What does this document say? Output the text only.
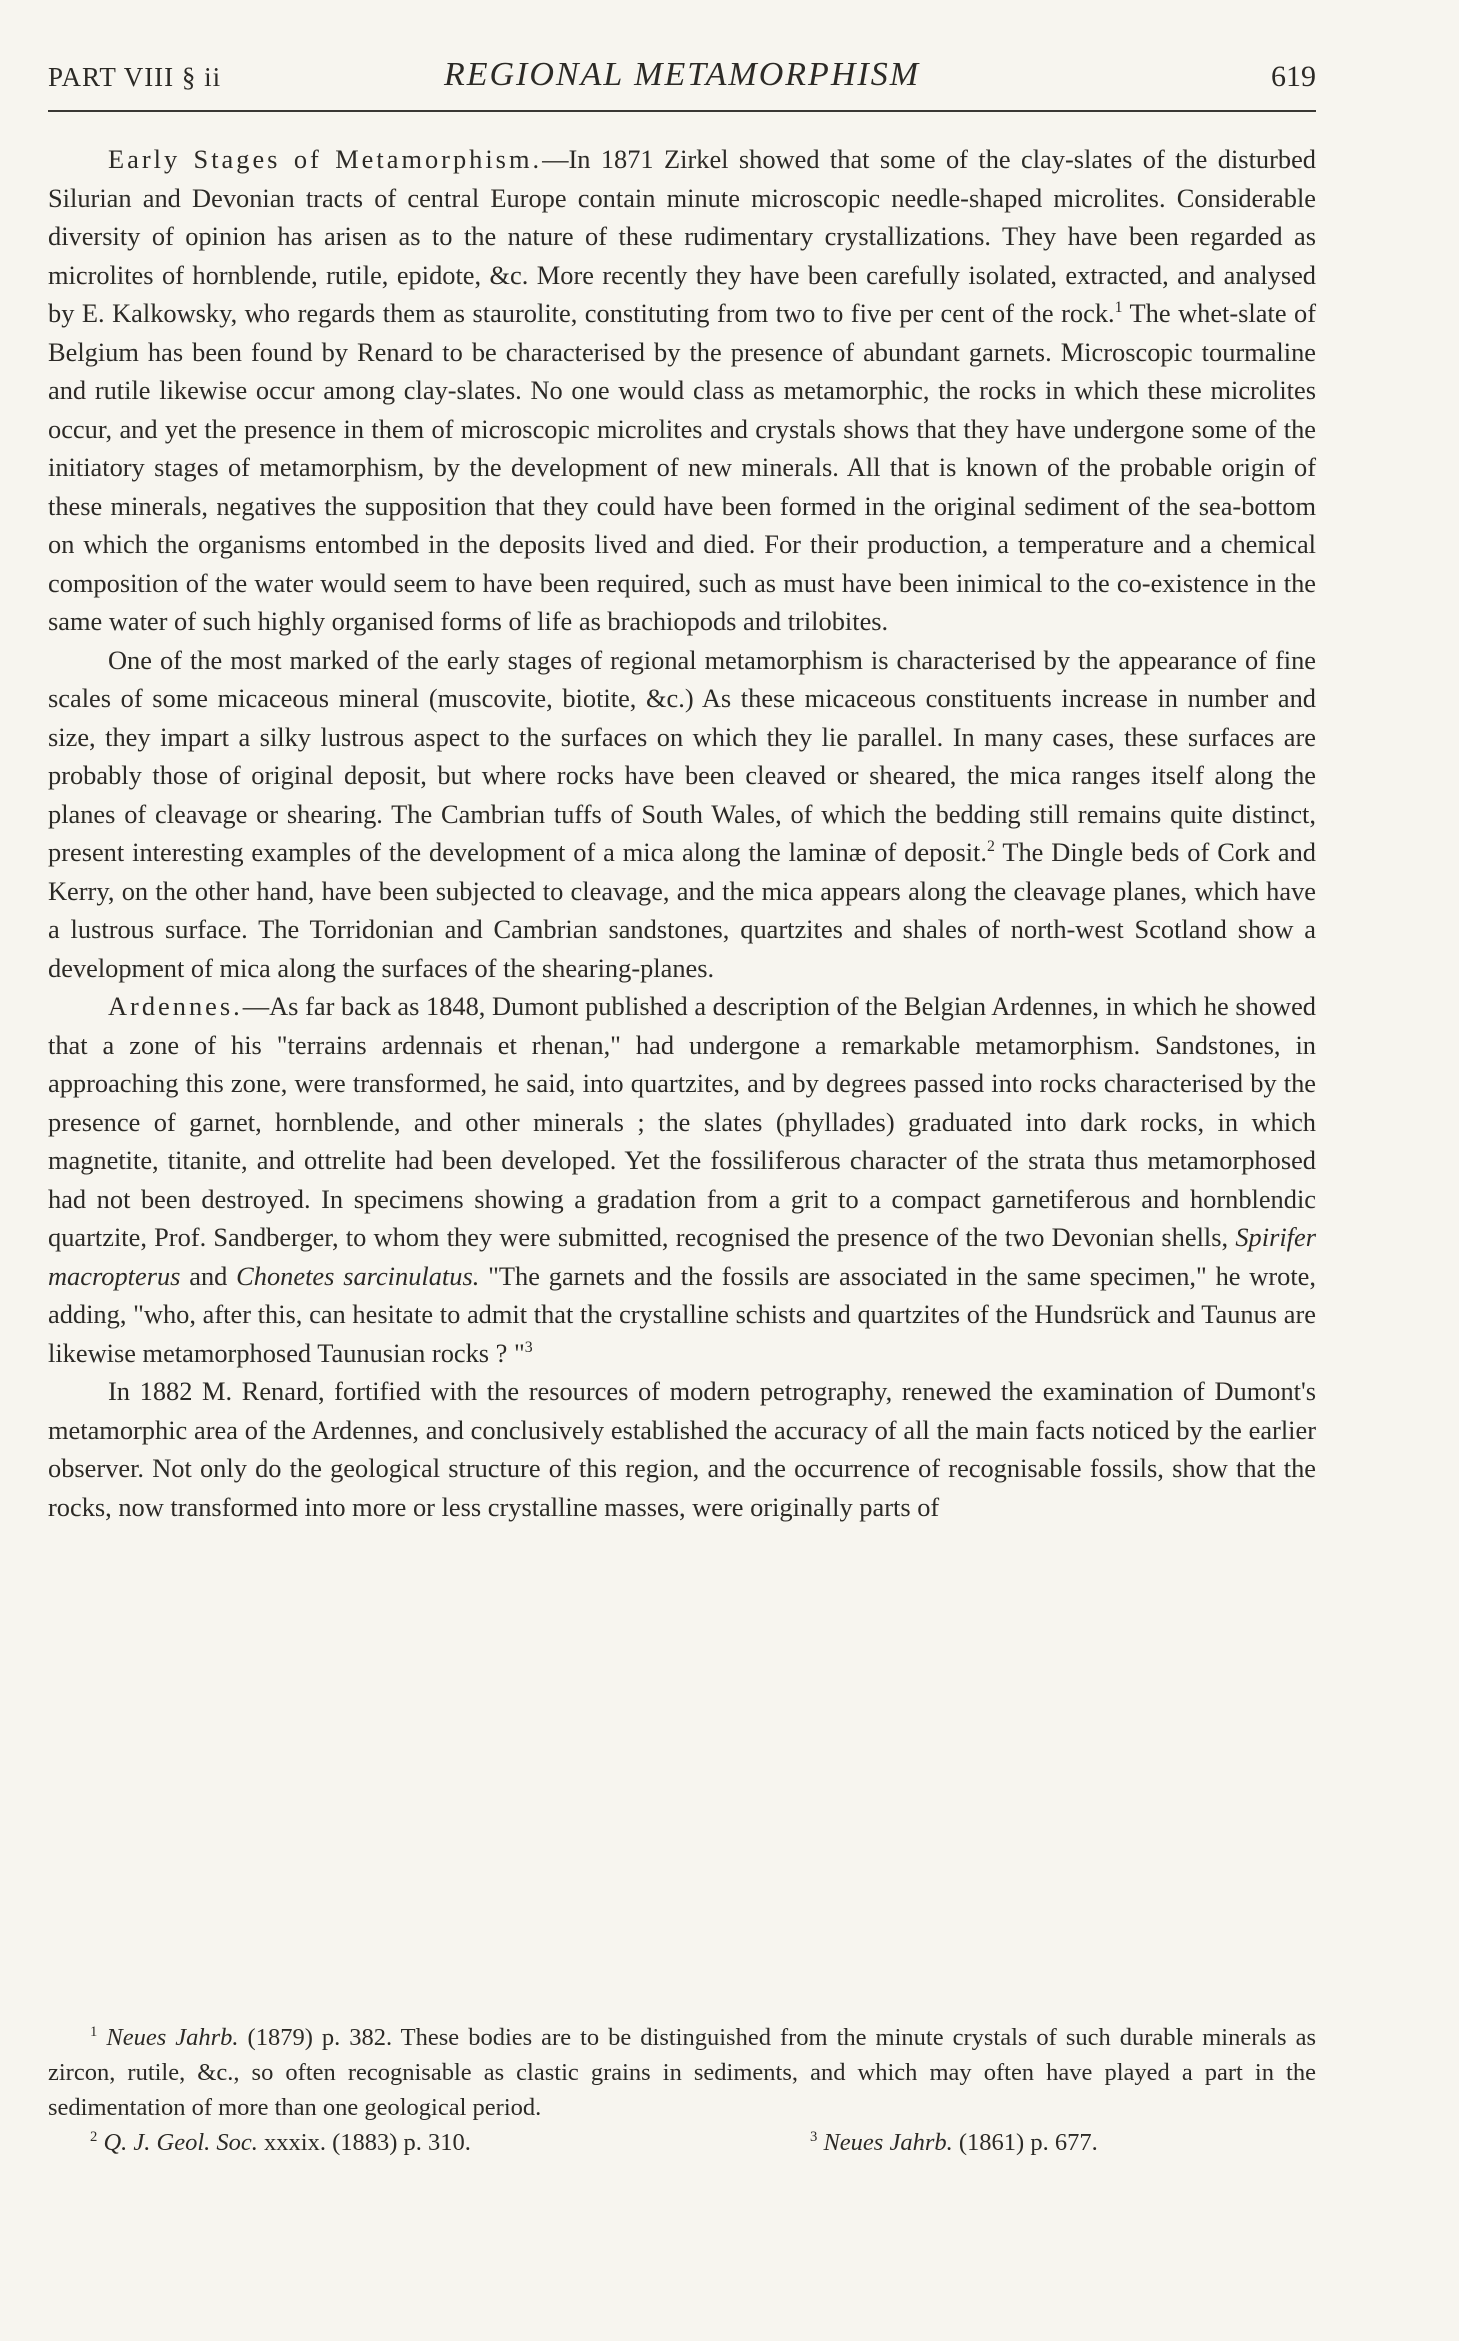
PART VIII § ii	REGIONAL METAMORPHISM	619

Early Stages of Metamorphism.—In 1871 Zirkel showed that some of the clay-slates of the disturbed Silurian and Devonian tracts of central Europe contain minute microscopic needle-shaped microlites. Considerable diversity of opinion has arisen as to the nature of these rudimentary crystallizations. They have been regarded as microlites of hornblende, rutile, epidote, &c. More recently they have been carefully isolated, extracted, and analysed by E. Kalkowsky, who regards them as staurolite, constituting from two to five per cent of the rock.$^1$ The whet-slate of Belgium has been found by Renard to be characterised by the presence of abundant garnets. Microscopic tourmaline and rutile likewise occur among clay-slates. No one would class as metamorphic, the rocks in which these microlites occur, and yet the presence in them of microscopic microlites and crystals shows that they have undergone some of the initiatory stages of metamorphism, by the development of new minerals. All that is known of the probable origin of these minerals, negatives the supposition that they could have been formed in the original sediment of the sea-bottom on which the organisms entombed in the deposits lived and died. For their production, a temperature and a chemical composition of the water would seem to have been required, such as must have been inimical to the co-existence in the same water of such highly organised forms of life as brachiopods and trilobites.

One of the most marked of the early stages of regional metamorphism is characterised by the appearance of fine scales of some micaceous mineral (muscovite, biotite, &c.) As these micaceous constituents increase in number and size, they impart a silky lustrous aspect to the surfaces on which they lie parallel. In many cases, these surfaces are probably those of original deposit, but where rocks have been cleaved or sheared, the mica ranges itself along the planes of cleavage or shearing. The Cambrian tuffs of South Wales, of which the bedding still remains quite distinct, present interesting examples of the development of a mica along the laminæ of deposit.$^2$ The Dingle beds of Cork and Kerry, on the other hand, have been subjected to cleavage, and the mica appears along the cleavage planes, which have a lustrous surface. The Torridonian and Cambrian sandstones, quartzites and shales of north-west Scotland show a development of mica along the surfaces of the shearing-planes.

Ardennes.—As far back as 1848, Dumont published a description of the Belgian Ardennes, in which he showed that a zone of his "terrains ardennais et rhenan," had undergone a remarkable metamorphism. Sandstones, in approaching this zone, were transformed, he said, into quartzites, and by degrees passed into rocks characterised by the presence of garnet, hornblende, and other minerals ; the slates (phyllades) graduated into dark rocks, in which magnetite, titanite, and ottrelite had been developed. Yet the fossiliferous character of the strata thus metamorphosed had not been destroyed. In specimens showing a gradation from a grit to a compact garnetiferous and hornblendic quartzite, Prof. Sandberger, to whom they were submitted, recognised the presence of the two Devonian shells, Spirifer macropterus and Chonetes sarcinulatus. "The garnets and the fossils are associated in the same specimen," he wrote, adding, "who, after this, can hesitate to admit that the crystalline schists and quartzites of the Hundsrück and Taunus are likewise metamorphosed Taunusian rocks ? "$^3$

In 1882 M. Renard, fortified with the resources of modern petrography, renewed the examination of Dumont's metamorphic area of the Ardennes, and conclusively established the accuracy of all the main facts noticed by the earlier observer. Not only do the geological structure of this region, and the occurrence of recognisable fossils, show that the rocks, now transformed into more or less crystalline masses, were originally parts of

$^1$ Neues Jahrb. (1879) p. 382. These bodies are to be distinguished from the minute crystals of such durable minerals as zircon, rutile, &c., so often recognisable as clastic grains in sediments, and which may often have played a part in the sedimentation of more than one geological period.

$^2$ Q. J. Geol. Soc. xxxix. (1883) p. 310.	$^3$ Neues Jahrb. (1861) p. 677.
